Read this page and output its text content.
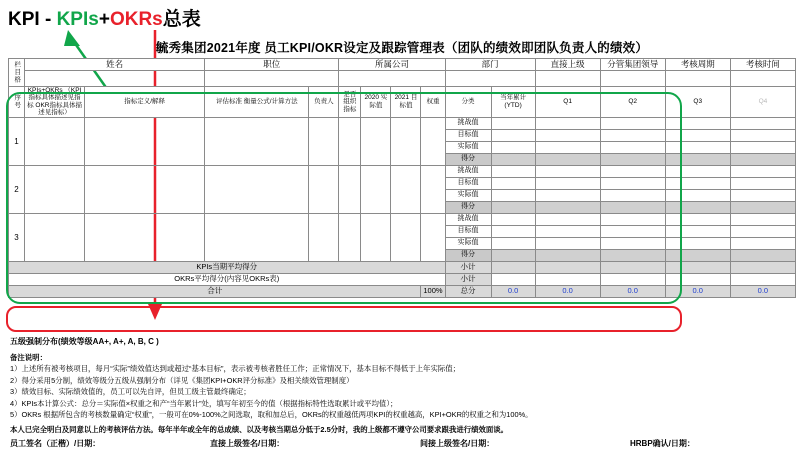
KPI - KPIs+OKRs总表
毓秀集团2021年度 员工KPI/OKR设定及跟踪管理表（团队的绩效即团队负责人的绩效）
栏目格	姓名		职位		所属公司				部门		直接上级	分管集团领导	考核周期	考核时间

序号	KPIs+OKRs （KPI指标具体描述见指标 OKR指标具体描述见指标）	指标定义/解释	评估标准 衡量公式/计算方法	负责人	是否组织指标	2020 实际值	2021 目标值	权重	分类	当年累计 (YTD)	Q1	Q2	Q3	Q4
1									挑战值					
									目标值					
									实际值					
									得分					
2									挑战值					
									目标值					
									实际值					
									得分					
3									挑战值					
									目标值					
									实际值					
									得分					
KPIs当期平均得分									小计					
OKRs平均得分(内容见OKRs表)									小计					
合计								100%	总分	0.0	0.0	0.0	0.0	0.0
五级强制分布(绩效等级AA+, A+, A, B, C )
备注说明：
1）上述所有被考核项目，每月“实际”绩效值达到或超过“基本目标”，表示被考核者胜任工作；正常情况下，基本目标不得低于上年实际值；
2）得分采用5分制，绩效等级分五级从强制分布（详见《集团KPI+OKR评分标准》及相关绩效管理制度）
3）绩效目标、实际绩效值的，员工可以先自评，但员工级主管最终确定；
4）KPIs本计算公式：总分＝实际值×权重之和产“当年累计”处，填写年初至今的值（根据指标特性选取累计或平均值）；
5）OKRs 根据所包含的考核数量确定“权重”，一般可在0%-100%之间选取，取和加总后，OKRs的权重越低两项KPI的权重越高，KPI+OKR的权重之和为100%。
本人已完全明白及同意以上的考核评估方法。每年半年或全年的总成绩、以及考核当期总分低于2.5分时，我的上级都不遵守公司要求跟我进行绩效面谈。
员工签名（正楷）/日期：	直接上级签名/日期：	间接上级签名/日期：	HRBP确认/日期：
